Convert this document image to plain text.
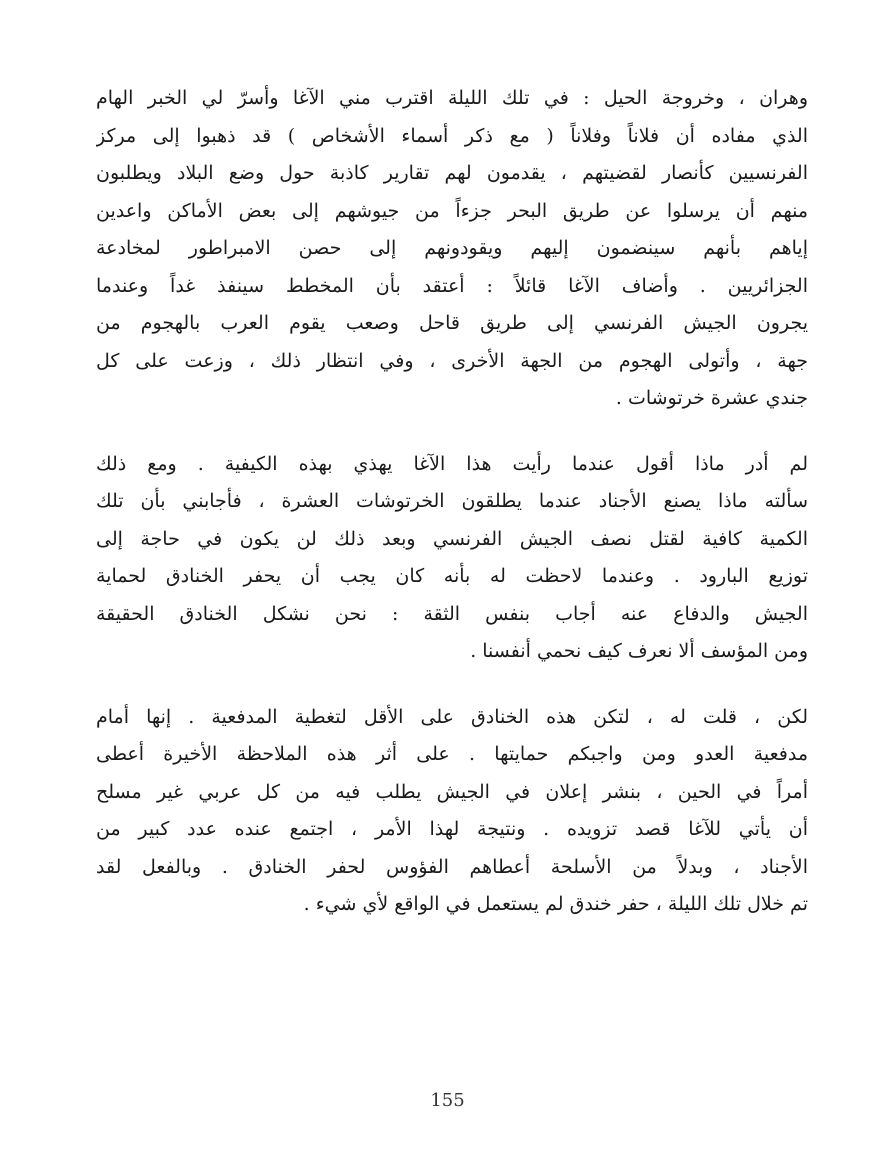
وهران ، وخروجة الحيل : في تلك الليلة اقترب مني الآغا وأسرّ لي الخبر الهام
الذي مفاده أن فلاناً وفلاناً ( مع ذكر أسماء الأشخاص ) قد ذهبوا إلى مركز
الفرنسيين كأنصار لقضيتهم ، يقدمون لهم تقارير كاذبة حول وضع البلاد ويطلبون
منهم أن يرسلوا عن طريق البحر جزءاً من جيوشهم إلى بعض الأماكن واعدين
إياهم بأنهم سينضمون إليهم ويقودونهم إلى حصن الامبراطور لمخادعة
الجزائريين . وأضاف الآغا قائلاً : أعتقد بأن المخطط سينفذ غداً وعندما
يجرون الجيش الفرنسي إلى طريق قاحل وصعب يقوم العرب بالهجوم من
جهة ، وأتولى الهجوم من الجهة الأخرى ، وفي انتظار ذلك ، وزعت على كل
جندي عشرة خرتوشات .
لم أدر ماذا أقول عندما رأيت هذا الآغا يهذي بهذه الكيفية . ومع ذلك
سألته ماذا يصنع الأجناد عندما يطلقون الخرتوشات العشرة ، فأجابني بأن تلك
الكمية كافية لقتل نصف الجيش الفرنسي وبعد ذلك لن يكون في حاجة إلى
توزيع البارود . وعندما لاحظت له بأنه كان يجب أن يحفر الخنادق لحماية
الجيش والدفاع عنه أجاب بنفس الثقة : نحن نشكل الخنادق الحقيقة
ومن المؤسف ألا نعرف كيف نحمي أنفسنا .
لكن ، قلت له ، لتكن هذه الخنادق على الأقل لتغطية المدفعية . إنها أمام
مدفعية العدو ومن واجبكم حمايتها . على أثر هذه الملاحظة الأخيرة أعطى
أمراً في الحين ، بنشر إعلان في الجيش يطلب فيه من كل عربي غير مسلح
أن يأتي للآغا قصد تزويده . ونتيجة لهذا الأمر ، اجتمع عنده عدد كبير من
الأجناد ، وبدلاً من الأسلحة أعطاهم الفؤوس لحفر الخنادق . وبالفعل لقد
تم خلال تلك الليلة ، حفر خندق لم يستعمل في الواقع لأي شيء .
155
